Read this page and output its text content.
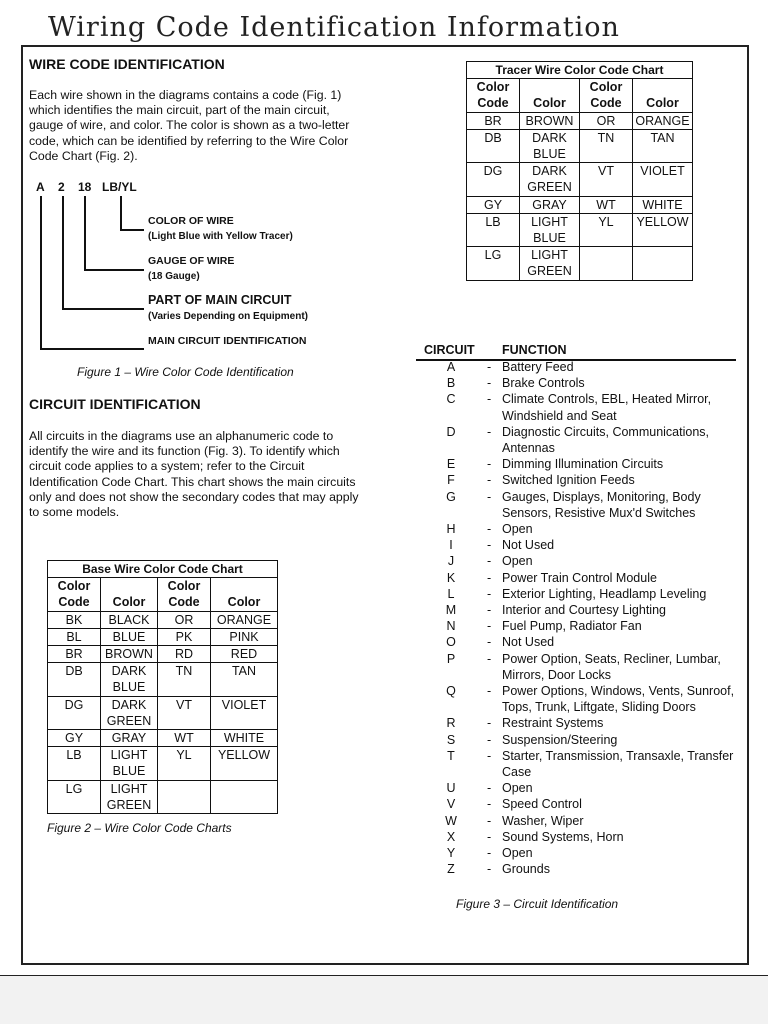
Wiring Code Identification Information
WIRE CODE IDENTIFICATION
Each wire shown in the diagrams contains a code (Fig. 1) which identifies the main circuit, part of the main circuit, gauge of wire, and color. The color is shown as a two-letter code, which can be identified by referring to the Wire Color Code Chart (Fig. 2).
A 2 18 LB/YL
COLOR OF WIRE
(Light Blue with Yellow Tracer)
GAUGE OF WIRE
(18 Gauge)
PART OF MAIN CIRCUIT
(Varies Depending on Equipment)
MAIN CIRCUIT IDENTIFICATION
Figure 1 – Wire Color Code Identification
CIRCUIT IDENTIFICATION
All circuits in the diagrams use an alphanumeric code to identify the wire and its function (Fig. 3). To identify which circuit code applies to a system; refer to the Circuit Identification Code Chart. This chart shows the main circuits only and does not show the secondary codes that may apply to some models.
Tracer Wire Color Code Chart			
Color
Code	Color	Color
Code	Color
BR	BROWN	OR	ORANGE
DB	DARK BLUE	TN	TAN
DG	DARK GREEN	VT	VIOLET
GY	GRAY	WT	WHITE
LB	LIGHT BLUE	YL	YELLOW
LG	LIGHT GREEN		
Base Wire Color Code Chart			
Color
Code	Color	Color
Code	Color
BK	BLACK	OR	ORANGE
BL	BLUE	PK	PINK
BR	BROWN	RD	RED
DB	DARK BLUE	TN	TAN
DG	DARK GREEN	VT	VIOLET
GY	GRAY	WT	WHITE
LB	LIGHT BLUE	YL	YELLOW
LG	LIGHT GREEN		
Figure 2 – Wire Color Code Charts
CIRCUIT FUNCTION
A	- Battery Feed
B	- Brake Controls
C	- Climate Controls, EBL, Heated Mirror, Windshield and Seat
D	- Diagnostic Circuits, Communications, Antennas
E	- Dimming Illumination Circuits
F	- Switched Ignition Feeds
G	- Gauges, Displays, Monitoring, Body Sensors, Resistive Mux'd Switches
H	- Open
I	- Not Used
J	- Open
K	- Power Train Control Module
L	- Exterior Lighting, Headlamp Leveling
M	- Interior and Courtesy Lighting
N	- Fuel Pump, Radiator Fan
O	- Not Used
P	- Power Option, Seats, Recliner, Lumbar, Mirrors, Door Locks
Q	- Power Options, Windows, Vents, Sunroof, Tops, Trunk, Liftgate, Sliding Doors
R	- Restraint Systems
S	- Suspension/Steering
T	- Starter, Transmission, Transaxle, Transfer Case
U	- Open
V	- Speed Control
W	- Washer, Wiper
X	- Sound Systems, Horn
Y	- Open
Z	- Grounds
Figure 3 – Circuit Identification
